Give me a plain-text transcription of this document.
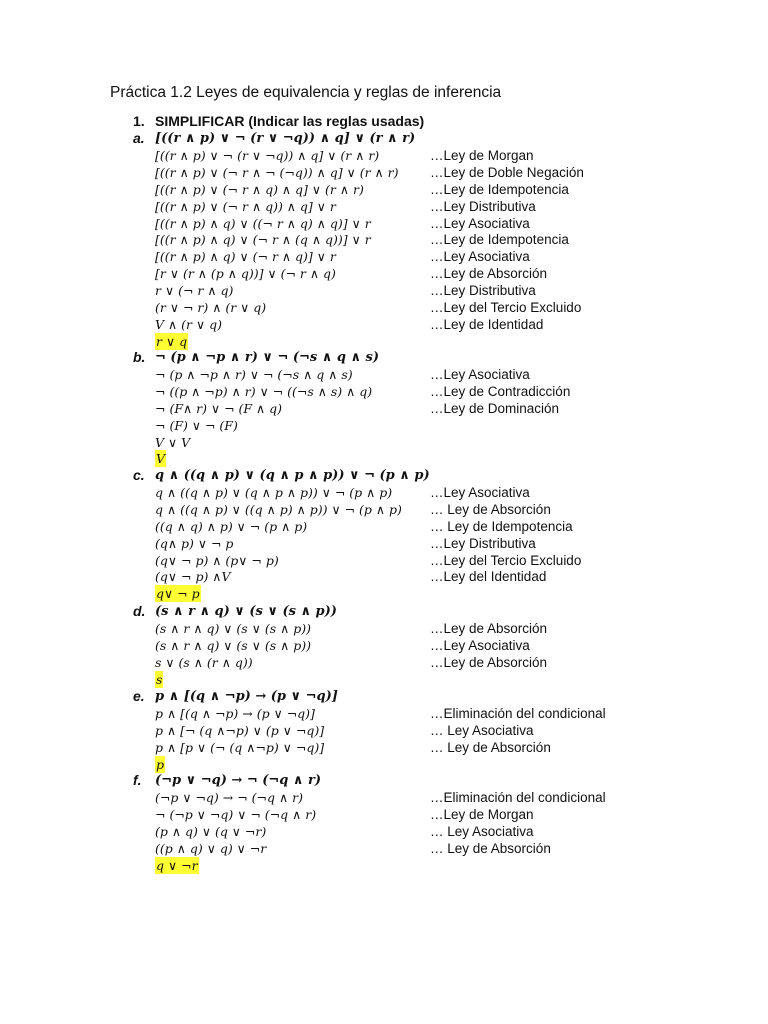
Práctica 1.2 Leyes de equivalencia y reglas de inferencia
1. SIMPLIFICAR (Indicar las reglas usadas)
a. [((r ∧ p) ∨ ¬ (r ∨ ¬q)) ∧ q] ∨ (r ∧ r)
[((𝑟 ∧ 𝑝) ∨ ¬ (𝑟 ∨ ¬𝑞)) ∧ 𝑞] ∨ (𝑟 ∧ 𝑟)	…Ley de Morgan
[((𝑟 ∧ 𝑝) ∨ (¬ 𝑟 ∧ ¬ (¬𝑞)) ∧ 𝑞] ∨ (𝑟 ∧ 𝑟) …Ley de Doble Negación
[((𝑟 ∧ 𝑝) ∨ (¬ 𝑟 ∧ 𝑞) ∧ 𝑞] ∨ (𝑟 ∧ 𝑟)	…Ley de Idempotencia
[((𝑟 ∧ 𝑝) ∨ (¬ 𝑟 ∧ 𝑞)) ∧ 𝑞] ∨ r	…Ley Distributiva
[((𝑟 ∧ 𝑝) ∧ 𝑞) ∨ ((¬ 𝑟 ∧ 𝑞) ∧ 𝑞)] ∨ r	…Ley Asociativa
[((𝑟 ∧ 𝑝) ∧ 𝑞) ∨ (¬ 𝑟 ∧ (𝑞 ∧ 𝑞))] ∨ r	…Ley de Idempotencia
[((𝑟 ∧ 𝑝) ∧ 𝑞) ∨ (¬ 𝑟 ∧ q)] ∨ r	…Ley Asociativa
[r ∨ (𝑟 ∧ (𝑝 ∧ 𝑞))] ∨ (¬ 𝑟 ∧ q)	…Ley de Absorción
r ∨ (¬ 𝑟 ∧ q)	…Ley Distributiva
(r ∨ ¬ 𝑟) ∧ (r ∨ q)	…Ley del Tercio Excluido
V ∧ (r ∨ q)	…Ley de Identidad
r ∨ q
b. ¬ (p ∧ ¬p ∧ r) ∨ ¬ (¬s ∧ q ∧ s)
¬ (𝑝 ∧ ¬𝑝 ∧ 𝑟) ∨ ¬ (¬𝑠 ∧ 𝑞 ∧ 𝑠)	…Ley Asociativa
¬ ((𝑝 ∧ ¬𝑝) ∧ 𝑟) ∨ ¬ ((¬𝑠 ∧ 𝑠) ∧ q)	…Ley de Contradicción
¬ (F∧ 𝑟) ∨ ¬ (F ∧ q)	…Ley de Dominación
¬ (F) ∨ ¬ (F)
V ∨ V
V
c. q ∧ ((q ∧ p) ∨ (q ∧ p ∧ p)) ∨ ¬ (p ∧ p)
𝑞 ∧ ((𝑞 ∧ 𝑝) ∨ (𝑞 ∧ 𝑝 ∧ 𝑝)) ∨ ¬ (𝑝 ∧ 𝑝)	…Ley Asociativa
𝑞 ∧ ((𝑞 ∧ 𝑝) ∨ ((𝑞 ∧ 𝑝) ∧ 𝑝)) ∨ ¬ (𝑝 ∧ 𝑝) … Ley de Absorción
((𝑞 ∧ 𝑞) ∧ 𝑝) ∨ ¬ (𝑝 ∧ 𝑝)	… Ley de Idempotencia
(q∧ p) ∨ ¬ p	…Ley Distributiva
(q∨ ¬ p) ∧ (p∨ ¬ p)	…Ley del Tercio Excluido
(q∨ ¬ p) ∧V	…Ley del Identidad
q∨ ¬ p
d. (s ∧ r ∧ q) ∨ (s ∨ (s ∧ p))
(𝑠 ∧ 𝑟 ∧ 𝑞) ∨ (𝑠 ∨ (𝑠 ∧ 𝑝))	…Ley de Absorción
(𝑠 ∧ 𝑟 ∧ 𝑞) ∨ (𝑠 ∨ (𝑠 ∧ 𝑝))	…Ley Asociativa
𝑠 ∨ (𝑠 ∧ (𝑟 ∧ 𝑞))	…Ley de Absorción
𝑠
e. p ∧ [(q ∧ ¬p) → (p ∨ ¬q)]
𝑝 ∧ [(𝑞 ∧ ¬𝑝) → (𝑝 ∨ ¬𝑞)]	…Eliminación del condicional
𝑝 ∧ [¬ (𝑞 ∧¬𝑝) ∨ (𝑝 ∨ ¬𝑞)]	… Ley Asociativa
𝑝 ∧ [𝑝 ∨ (¬ (𝑞 ∧¬𝑝) ∨ ¬𝑞)]	… Ley de Absorción
𝑝
f. (¬p ∨ ¬q) → ¬ (¬q ∧ r)
(¬𝑝 ∨ ¬𝑞) → ¬ (¬𝑞 ∧ 𝑟)	…Eliminación del condicional
¬ (¬𝑝 ∨ ¬𝑞) ∨ ¬ (¬𝑞 ∧ 𝑟)	…Ley de Morgan
(𝑝 ∧ 𝑞) ∨ (𝑞 ∨ ¬𝑟)	… Ley Asociativa
((𝑝 ∧ 𝑞) ∨ 𝑞) ∨ ¬𝑟	… Ley de Absorción
𝑞 ∨ ¬𝑟
